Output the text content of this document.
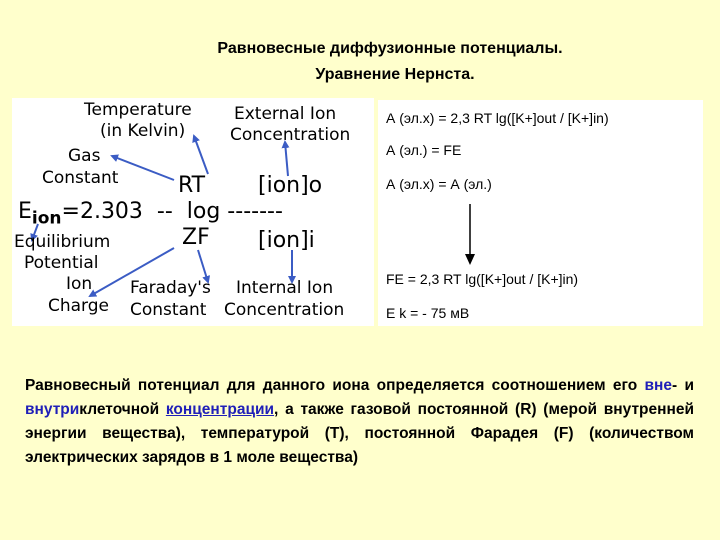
Равновесные диффузионные потенциалы.
Уравнение Нернста.
Temperature
(in Kelvin)
External Ion
Concentration
Gas
Constant	RT [ion]o
$E_{ion}=2.303 -- \log$ -------
ZF [ion]i
Equilibrium
Potential
Ion
Charge
Faraday's
Constant
Internal Ion
Concentration
А (эл.х) = 2,3 RT lg([K+]out / [K+]in)
А (эл.) = FE
А (эл.х) = А (эл.)
FE = 2,3 RT lg([K+]out / [K+]in)
E k = - 75 мВ
Равновесный потенциал для данного иона определяется соотношением его вне- и внутриклеточной концентрации, а также газовой постоянной (R) (мерой внутренней энергии вещества), температурой (T), постоянной Фарадея (F) (количеством электрических зарядов в 1 моле вещества)
